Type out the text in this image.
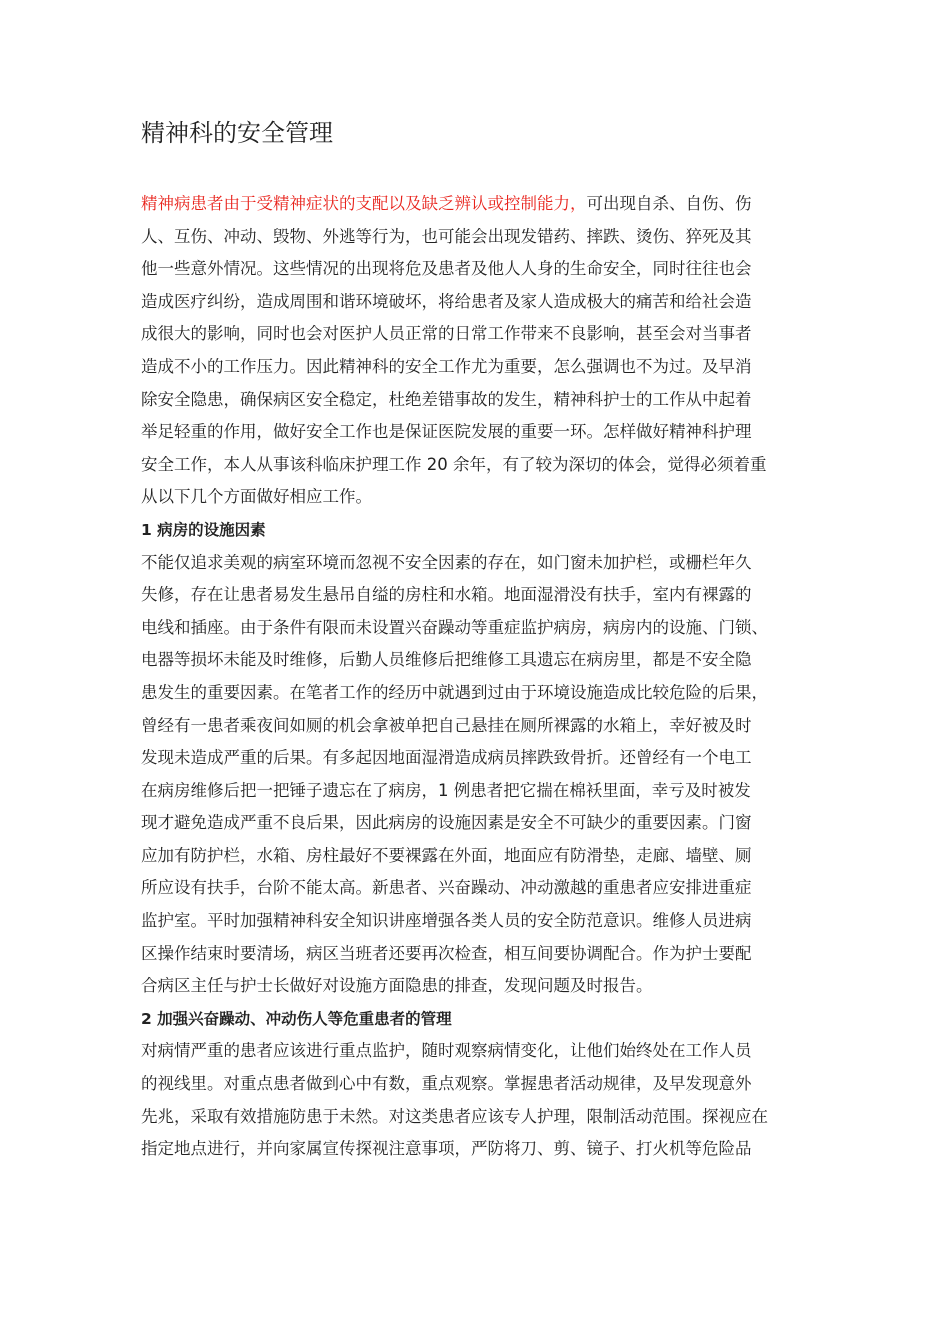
精神科的安全管理
精神病患者由于受精神症状的支配以及缺乏辨认或控制能力，可出现自杀、自伤、伤
人、互伤、冲动、毁物、外逃等行为，也可能会出现发错药、摔跌、烫伤、猝死及其
他一些意外情况。这些情况的出现将危及患者及他人人身的生命安全，同时往往也会
造成医疗纠纷，造成周围和谐环境破坏，将给患者及家人造成极大的痛苦和给社会造
成很大的影响，同时也会对医护人员正常的日常工作带来不良影响，甚至会对当事者
造成不小的工作压力。因此精神科的安全工作尤为重要，怎么强调也不为过。及早消
除安全隐患，确保病区安全稳定，杜绝差错事故的发生，精神科护士的工作从中起着
举足轻重的作用，做好安全工作也是保证医院发展的重要一环。怎样做好精神科护理
安全工作，本人从事该科临床护理工作 20 余年，有了较为深切的体会，觉得必须着重
从以下几个方面做好相应工作。
1 病房的设施因素
不能仅追求美观的病室环境而忽视不安全因素的存在，如门窗未加护栏，或栅栏年久
失修，存在让患者易发生悬吊自缢的房柱和水箱。地面湿滑没有扶手，室内有裸露的
电线和插座。由于条件有限而未设置兴奋躁动等重症监护病房，病房内的设施、门锁、
电器等损坏未能及时维修，后勤人员维修后把维修工具遗忘在病房里，都是不安全隐
患发生的重要因素。在笔者工作的经历中就遇到过由于环境设施造成比较危险的后果，
曾经有一患者乘夜间如厕的机会拿被单把自己悬挂在厕所裸露的水箱上，幸好被及时
发现未造成严重的后果。有多起因地面湿滑造成病员摔跌致骨折。还曾经有一个电工
在病房维修后把一把锤子遗忘在了病房，1 例患者把它揣在棉袄里面，幸亏及时被发
现才避免造成严重不良后果，因此病房的设施因素是安全不可缺少的重要因素。门窗
应加有防护栏，水箱、房柱最好不要裸露在外面，地面应有防滑垫，走廊、墙壁、厕
所应设有扶手，台阶不能太高。新患者、兴奋躁动、冲动激越的重患者应安排进重症
监护室。平时加强精神科安全知识讲座增强各类人员的安全防范意识。维修人员进病
区操作结束时要清场，病区当班者还要再次检查，相互间要协调配合。作为护士要配
合病区主任与护士长做好对设施方面隐患的排查，发现问题及时报告。
2 加强兴奋躁动、冲动伤人等危重患者的管理
对病情严重的患者应该进行重点监护，随时观察病情变化，让他们始终处在工作人员
的视线里。对重点患者做到心中有数，重点观察。掌握患者活动规律，及早发现意外
先兆，采取有效措施防患于未然。对这类患者应该专人护理，限制活动范围。探视应在
指定地点进行，并向家属宣传探视注意事项，严防将刀、剪、镜子、打火机等危险品
